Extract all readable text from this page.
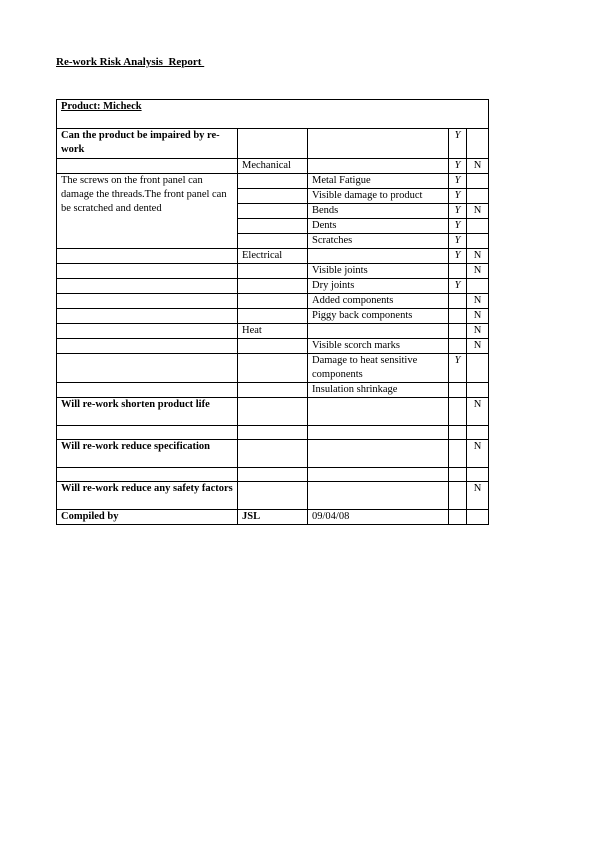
Re-work Risk Analysis  Report
Product: Micheck				
Can the product be impaired by re-work			Y	
	Mechanical		Y	N
The screws on the front panel can damage the threads.The front panel can be scratched and dented		Metal Fatigue	Y	
		Visible damage to product	Y	
		Bends	Y	N
		Dents	Y	
		Scratches	Y	
	Electrical		Y	N
		Visible joints		N
		Dry joints	Y	
		Added components		N
		Piggy back components		N
	Heat			N
		Visible scorch marks		N
		Damage to heat sensitive components	Y	
		Insulation shrinkage		
Will re-work shorten product life				N

Will re-work reduce specification				N

Will re-work reduce any safety factors				N
Compiled by	JSL	09/04/08		
